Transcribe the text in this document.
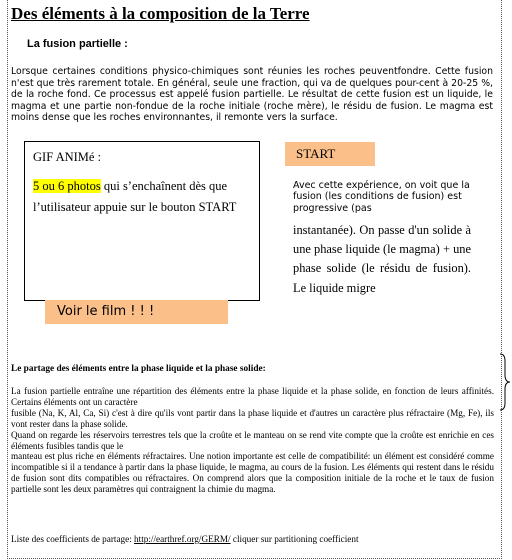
Des éléments à la composition de la Terre
La fusion partielle :
Lorsque certaines conditions physico-chimiques sont réunies les roches peuventfondre. Cette fusion n'est que très rarement totale. En général, seule une fraction, qui va de quelques pour-cent à 20-25 %, de la roche fond. Ce processus est appelé fusion partielle. Le résultat de cette fusion est un liquide, le magma et une partie non-fondue de la roche initiale (roche mère), le résidu de fusion. Le magma est moins dense que les roches environnantes, il remonte vers la surface.
GIF ANIMé :
5 ou 6 photos qui s’enchaînent dès que l’utilisateur appuie sur le bouton START
START
Avec cette expérience, on voit que la fusion (les conditions de fusion) est progressive (pas
instantanée). On passe d'un solide à une phase liquide (le magma) + une phase solide (le résidu de fusion). Le liquide migre
Voir le film ! ! !
Le partage des éléments entre la phase liquide et la phase solide:
La fusion partielle entraîne une répartition des éléments entre la phase liquide et la phase solide, en fonction de leurs affinités. Certains éléments ont un caractère
fusible (Na, K, Al, Ca, Si) c'est à dire qu'ils vont partir dans la phase liquide et d'autres un caractère plus réfractaire (Mg, Fe), ils vont rester dans la phase solide.
Quand on regarde les réservoirs terrestres tels que la croûte et le manteau on se rend vite compte que la croûte est enrichie en ces éléments fusibles tandis que le
manteau est plus riche en éléments réfractaires. Une notion importante est celle de compatibilité: un élément est considéré comme incompatible si il a tendance à partir dans la phase liquide, le magma, au cours de la fusion. Les éléments qui restent dans le résidu de fusion sont dits compatibles ou réfractaires. On comprend alors que la composition initiale de la roche et le taux de fusion partielle sont les deux paramètres qui contraignent la chimie du magma.
Liste des coefficients de partage: http://earthref.org/GERM/ cliquer sur partitioning coefficient
